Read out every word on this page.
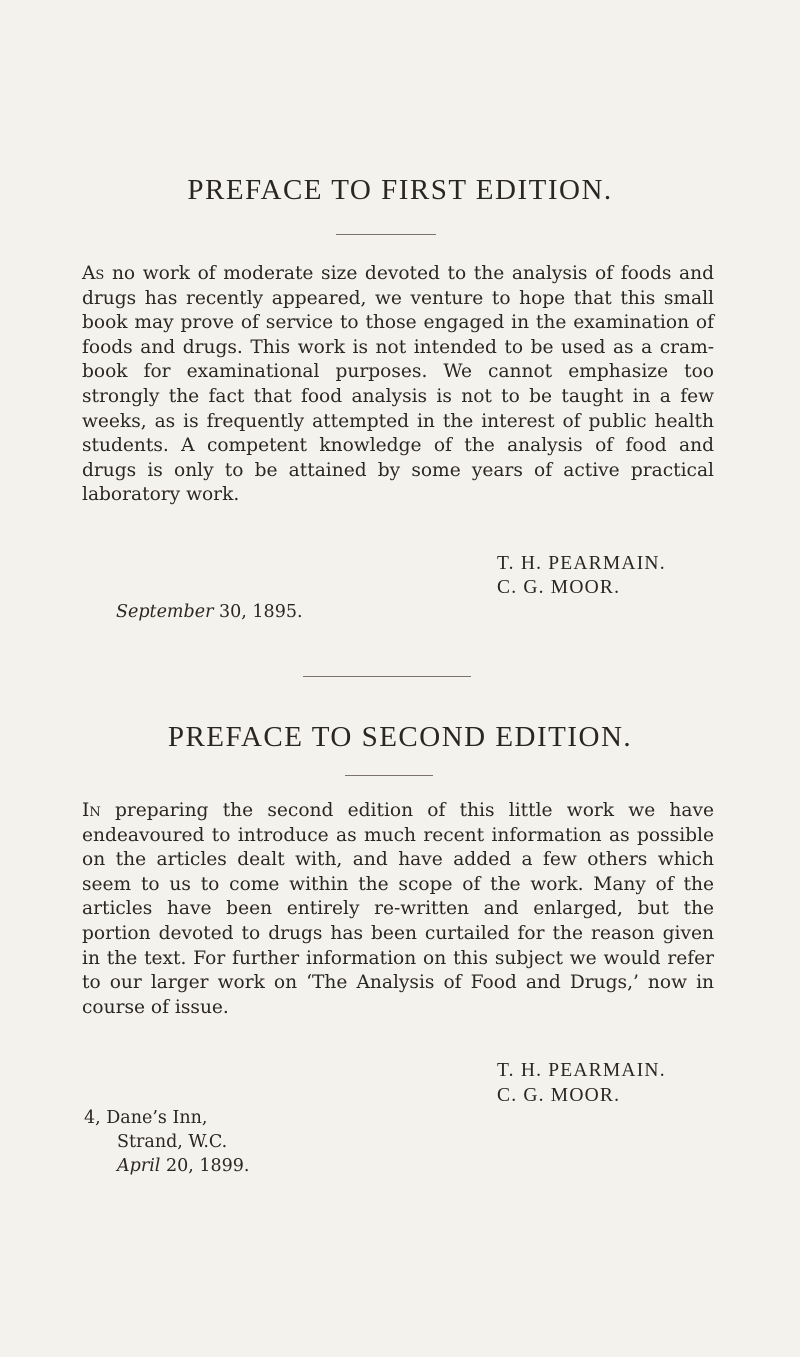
PREFACE TO FIRST EDITION.

As no work of moderate size devoted to the analysis of foods and drugs has recently appeared, we venture to hope that this small book may prove of service to those engaged in the examination of foods and drugs. This work is not intended to be used as a cram-book for examinational purposes. We cannot emphasize too strongly the fact that food analysis is not to be taught in a few weeks, as is frequently attempted in the interest of public health students. A competent knowledge of the analysis of food and drugs is only to be attained by some years of active practical laboratory work.

T. H. PEARMAIN.
C. G. MOOR.
September 30, 1895.
PREFACE TO SECOND EDITION.

In preparing the second edition of this little work we have endeavoured to introduce as much recent information as possible on the articles dealt with, and have added a few others which seem to us to come within the scope of the work. Many of the articles have been entirely re-written and enlarged, but the portion devoted to drugs has been curtailed for the reason given in the text. For further information on this subject we would refer to our larger work on ‘The Analysis of Food and Drugs,’ now in course of issue.

T. H. PEARMAIN.
C. G. MOOR.
4, Dane’s Inn,
Strand, W.C.
April 20, 1899.
